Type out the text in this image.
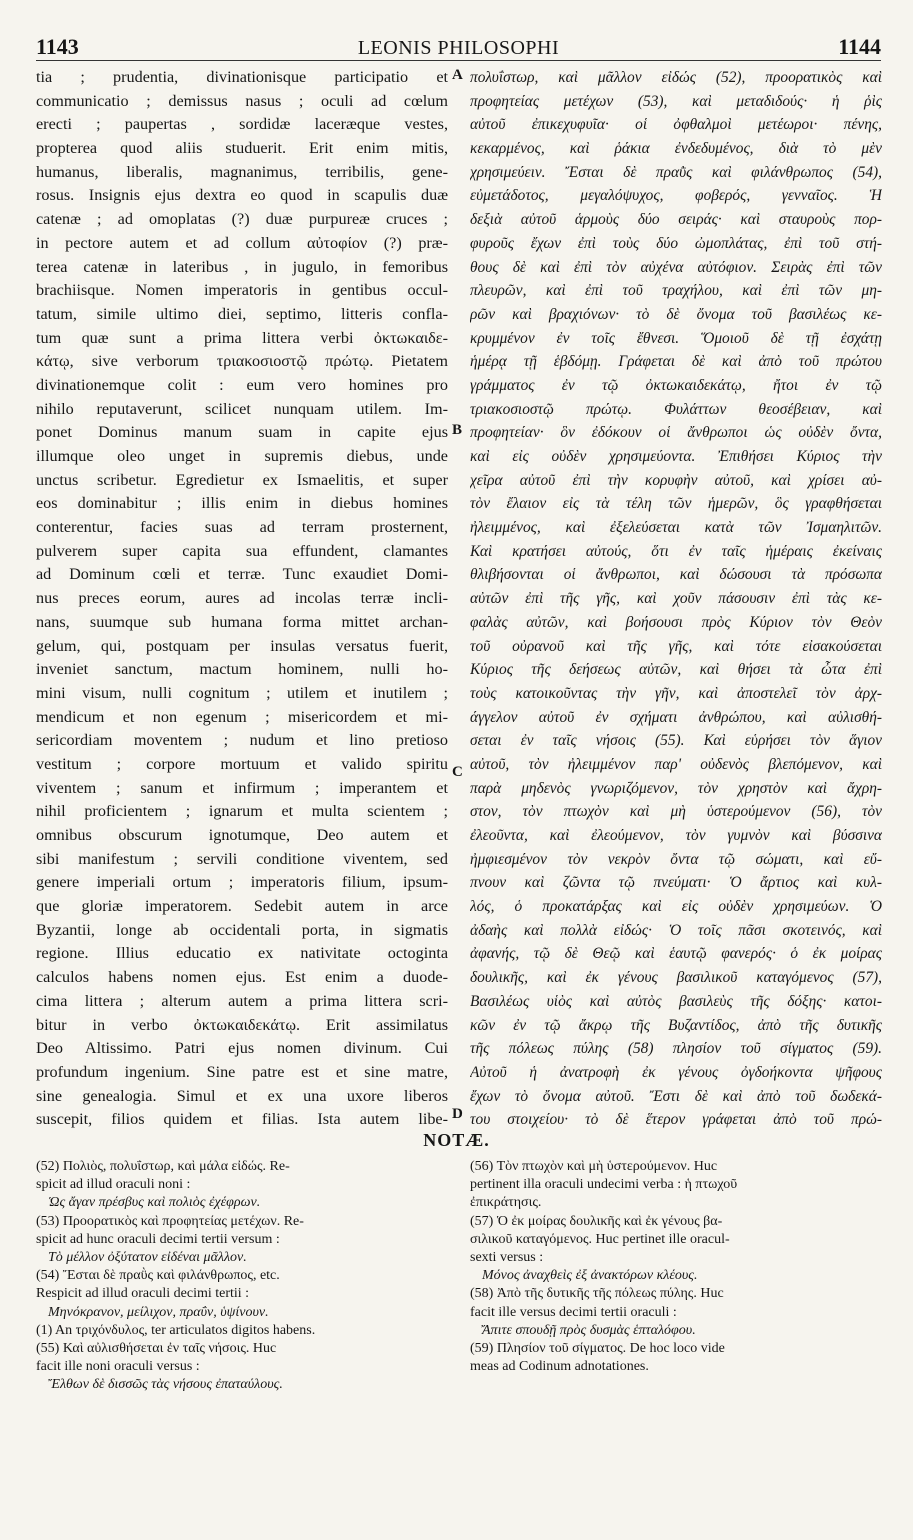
1143	LEONIS PHILOSOPHI	1144
tia ; prudentia, divinationisque participatio et
communicatio ; demissus nasus ; oculi ad cœlum
erecti ; paupertas , sordidæ laceræque vestes,
propterea quod aliis studuerit. Erit enim mitis,
humanus, liberalis, magnanimus, terribilis, gene-
rosus. Insignis ejus dextra eo quod in scapulis duæ
catenæ ; ad omoplatas (?) duæ purpureæ cruces ;
in pectore autem et ad collum αὐτοφίον (?) præ-
terea catenæ in lateribus , in jugulo, in femoribus
brachiisque. Nomen imperatoris in gentibus occul-
tatum, simile ultimo diei, septimo, litteris confla-
tum quæ sunt a prima littera verbi ὀκτωκαιδε-
κάτῳ, sive verborum τριακοσιοστῷ πρώτῳ. Pietatem
divinationemque colit : eum vero homines pro
nihilo reputaverunt, scilicet nunquam utilem. Im-
ponet Dominus manum suam in capite ejus
illumque oleo unget in supremis diebus, unde
unctus scribetur. Egredietur ex Ismaelitis, et super
eos dominabitur ; illis enim in diebus homines
conterentur, facies suas ad terram prosternent,
pulverem super capita sua effundent, clamantes
ad Dominum cœli et terræ. Tunc exaudiet Domi-
nus preces eorum, aures ad incolas terræ incli-
nans, suumque sub humana forma mittet archan-
gelum, qui, postquam per insulas versatus fuerit,
inveniet sanctum, mactum hominem, nulli ho-
mini visum, nulli cognitum ; utilem et inutilem ;
mendicum et non egenum ; misericordem et mi-
sericordiam moventem ; nudum et lino pretioso
vestitum ; corpore mortuum et valido spiritu
viventem ; sanum et infirmum ; imperantem et
nihil proficientem ; ignarum et multa scientem ;
omnibus obscurum ignotumque, Deo autem et
sibi manifestum ; servili conditione viventem, sed
genere imperiali ortum ; imperatoris filium, ipsum-
que gloriæ imperatorem. Sedebit autem in arce
Byzantii, longe ab occidentali porta, in sigmatis
regione. Illius educatio ex nativitate octoginta
calculos habens nomen ejus. Est enim a duode-
cima littera ; alterum autem a prima littera scri-
bitur in verbo ὀκτωκαιδεκάτῳ. Erit assimilatus
Deo Altissimo. Patri ejus nomen divinum. Cui
profundum ingenium. Sine patre est et sine matre,
sine genealogia. Simul et ex una uxore liberos
suscepit, filios quidem et filias. Ista autem libe-
πολυΐστωρ, καὶ μᾶλλον εἰδώς (52), προορατικὸς καὶ
προφητείας μετέχων (53), καὶ μεταδιδούς· ἡ ῥὶς
αὐτοῦ ἐπικεχυφυῖα· οἱ ὀφθαλμοὶ μετέωροι· πένης,
κεκαρμένος, καὶ ῥάκια ἐνδεδυμένος, διὰ τὸ μὲν
χρησιμεύειν. Ἔσται δὲ πραῢς καὶ φιλάνθρωπος (54),
εὐμετάδοτος, μεγαλόψυχος, φοβερός, γενναῖος. Ἡ
δεξιὰ αὐτοῦ ἁρμοὺς δύο σειράς· καὶ σταυροὺς πορ-
φυροῦς ἔχων ἐπὶ τοὺς δύο ὠμοπλάτας, ἐπὶ τοῦ στή-
θους δὲ καὶ ἐπὶ τὸν αὐχένα αὐτόφιον. Σειρὰς ἐπὶ τῶν
πλευρῶν, καὶ ἐπὶ τοῦ τραχήλου, καὶ ἐπὶ τῶν μη-
ρῶν καὶ βραχιόνων· τὸ δὲ ὄνομα τοῦ βασιλέως κε-
κρυμμένον ἐν τοῖς ἔθνεσι. Ὅμοιοῦ δὲ τῇ ἐσχάτῃ
ἡμέρᾳ τῇ ἑβδόμῃ. Γράφεται δὲ καὶ ἀπὸ τοῦ πρώτου
γράμματος ἐν τῷ ὀκτωκαιδεκάτῳ, ἤτοι ἐν τῷ
τριακοσιοστῷ πρώτῳ. Φυλάττων θεοσέβειαν, καὶ
προφητείαν· ὃν ἐδόκουν οἱ ἄνθρωποι ὡς οὐδὲν ὄντα,
καὶ εἰς οὐδὲν χρησιμεύοντα. Ἐπιθήσει Κύριος τὴν
χεῖρα αὐτοῦ ἐπὶ τὴν κορυφὴν αὐτοῦ, καὶ χρίσει αὐ-
τὸν ἔλαιον εἰς τὰ τέλη τῶν ἡμερῶν, ὃς γραφθήσεται
ἠλειμμένος, καὶ ἐξελεύσεται κατὰ τῶν Ἰσμαηλιτῶν.
Καὶ κρατήσει αὐτούς, ὅτι ἐν ταῖς ἡμέραις ἐκείναις
θλιβήσονται οἱ ἄνθρωποι, καὶ δώσουσι τὰ πρόσωπα
αὐτῶν ἐπὶ τῆς γῆς, καὶ χοῦν πάσουσιν ἐπὶ τὰς κε-
φαλὰς αὐτῶν, καὶ βοήσουσι πρὸς Κύριον τὸν Θεὸν
τοῦ οὐρανοῦ καὶ τῆς γῆς, καὶ τότε εἰσακούσεται
Κύριος τῆς δεήσεως αὐτῶν, καὶ θήσει τὰ ὦτα ἐπὶ
τοὺς κατοικοῦντας τὴν γῆν, καὶ ἀποστελεῖ τὸν ἀρχ-
άγγελον αὐτοῦ ἐν σχήματι ἀνθρώπου, καὶ αὐλισθή-
σεται ἐν ταῖς νήσοις (55). Καὶ εὑρήσει τὸν ἅγιον
αὐτοῦ, τὸν ἠλειμμένον παρ' οὐδενὸς βλεπόμενον, καὶ
παρὰ μηδενὸς γνωριζόμενον, τὸν χρηστὸν καὶ ἄχρη-
στον, τὸν πτωχὸν καὶ μὴ ὑστερούμενον (56), τὸν
ἐλεοῦντα, καὶ ἐλεούμενον, τὸν γυμνὸν καὶ βύσσινα
ἠμφιεσμένον τὸν νεκρὸν ὄντα τῷ σώματι, καὶ εὔ-
πνουν καὶ ζῶντα τῷ πνεύματι· Ὁ ἄρτιος καὶ κυλ-
λός, ὁ προκατάρξας καὶ εἰς οὐδὲν χρησιμεύων. Ὁ
ἀδαὴς καὶ πολλὰ εἰδώς· Ὁ τοῖς πᾶσι σκοτεινός, καὶ
ἀφανής, τῷ δὲ Θεῷ καὶ ἑαυτῷ φανερός· ὁ ἐκ μοίρας
δουλικῆς, καὶ ἐκ γένους βασιλικοῦ καταγόμενος (57),
Βασιλέως υἱὸς καὶ αὐτὸς βασιλεὺς τῆς δόξης· κατοι-
κῶν ἐν τῷ ἄκρῳ τῆς Βυζαντίδος, ἀπὸ τῆς δυτικῆς
τῆς πόλεως πύλης (58) πλησίον τοῦ σίγματος (59).
Αὐτοῦ ἡ ἀνατροφὴ ἐκ γένους ὀγδοήκοντα ψῆφους
ἔχων τὸ ὄνομα αὐτοῦ. Ἔστι δὲ καὶ ἀπὸ τοῦ δωδεκά-
του στοιχείου· τὸ δὲ ἕτερον γράφεται ἀπὸ τοῦ πρώ-
A
B
C
D
NOTÆ.
(52) Πολιὸς, πολυΐστωρ, καὶ μάλα εἰδώς. Re-
spicit ad illud oraculi noni :
Ὡς ἄγαν πρέσβυς καὶ πολιὸς ἐχέφρων.
(53) Προορατικὸς καὶ προφητείας μετέχων. Re-
spicit ad hunc oraculi decimi tertii versum :
Τὸ μέλλον ὀξύτατον εἰδέναι μᾶλλον.
(54) Ἔσται δὲ πραῢς καὶ φιλάνθρωπος, etc.
Respicit ad illud oraculi decimi tertii :
Μηνόκρανον, μείλιχον, πραΰν, ὑψίνουν.
(1) An τριχόνδυλος, ter articulatos digitos habens.
(55) Καὶ αὐλισθήσεται ἐν ταῖς νήσοις. Huc
facit ille noni oraculi versus :
Ἔλθων δὲ δισσῶς τὰς νήσους ἐπαταύλους.
(56) Τὸν πτωχὸν καὶ μὴ ὑστερούμενον. Huc
pertinent illa oraculi undecimi verba : ἡ πτωχοῦ
ἐπικράτησις.
(57) Ὁ ἐκ μοίρας δουλικῆς καὶ ἐκ γένους βα-
σιλικοῦ καταγόμενος. Huc pertinet ille oracul-
sexti versus :
Μόνος ἀναχθεὶς ἐξ ἀνακτόρων κλέους.
(58) Ἀπὸ τῆς δυτικῆς τῆς πόλεως πύλης. Huc
facit ille versus decimi tertii oraculi :
Ἄπιτε σπουδῇ πρὸς δυσμὰς ἑπταλόφου.
(59) Πλησίον τοῦ σίγματος. De hoc loco vide
meas ad Codinum adnotationes.
